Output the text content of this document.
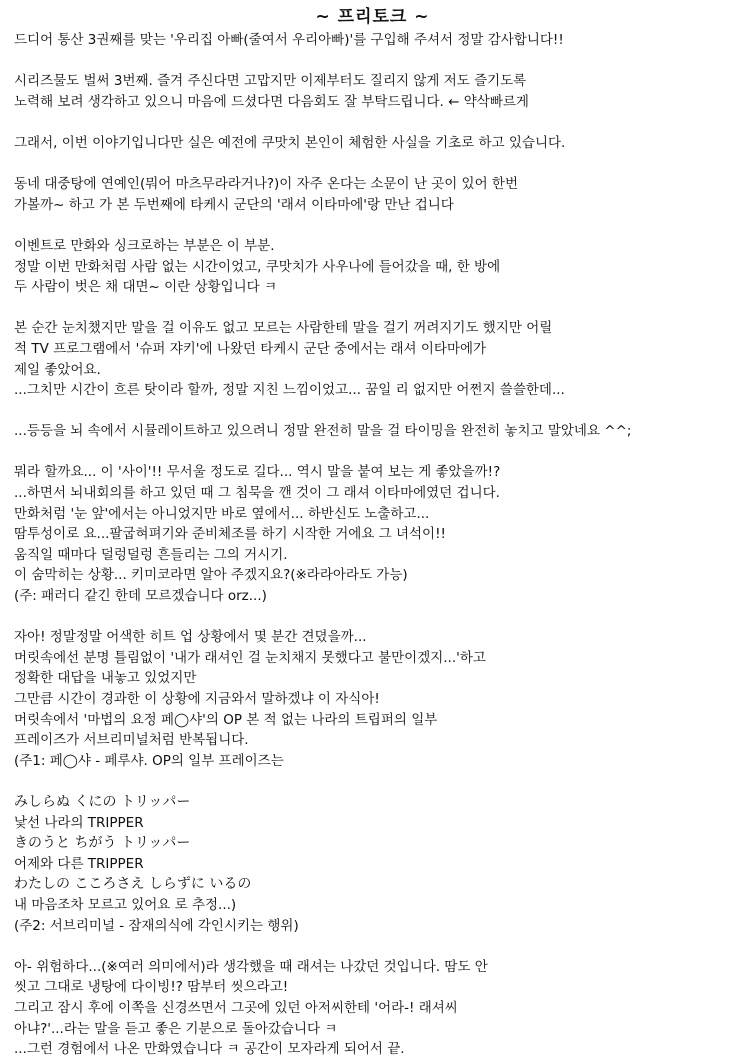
~ 프리토크 ~
드디어 통산 3권째를 맞는 '우리집 아빠(줄여서 우리아빠)'를 구입해 주셔서 정말 감사합니다!!
시리즈물도 벌써 3번째. 즐겨 주신다면 고맙지만 이제부터도 질리지 않게 저도 즐기도록
노력해 보려 생각하고 있으니 마음에 드셨다면 다음회도 잘 부탁드립니다. ← 약삭빠르게
그래서, 이번 이야기입니다만 실은 예전에 쿠맛치 본인이 체험한 사실을 기초로 하고 있습니다.
동네 대중탕에 연예인(뭐어 마츠무라라거나?)이 자주 온다는 소문이 난 곳이 있어 한번
가볼까~ 하고 가 본 두번째에 타케시 군단의 '래셔 이타마에'랑 만난 겁니다
이벤트로 만화와 싱크로하는 부분은 이 부분.
정말 이번 만화처럼 사람 없는 시간이었고, 쿠맛치가 사우나에 들어갔을 때, 한 방에
두 사람이 벗은 채 대면~ 이란 상황입니다 ㅋ
본 순간 눈치챘지만 말을 걸 이유도 없고 모르는 사람한테 말을 걸기 꺼려지기도 했지만 어릴
적 TV 프로그램에서 '슈퍼 쟈키'에 나왔던 타케시 군단 중에서는 래셔 이타마에가
제일 좋았어요.
...그치만 시간이 흐른 탓이라 할까, 정말 지친 느낌이었고... 꿈일 리 없지만 어쩐지 쓸쓸한데...
...등등을 뇌 속에서 시뮬레이트하고 있으려니 정말 완전히 말을 걸 타이밍을 완전히 놓치고 말았네요 ^^;
뭐라 할까요... 이 '사이'!! 무서울 정도로 길다... 역시 말을 붙여 보는 게 좋았을까!?
...하면서 뇌내회의를 하고 있던 때 그 침묵을 깬 것이 그 래셔 이타마에였던 겁니다.
만화처럼 '눈 앞'에서는 아니었지만 바로 옆에서... 하반신도 노출하고...
땀투성이로 요...팔굽혀펴기와 준비체조를 하기 시작한 거에요 그 녀석이!!
움직일 때마다 덜렁덜렁 흔들리는 그의 거시기.
이 숨막히는 상황... 키미코라면 알아 주겠지요?(※라라아라도 가능)
(주: 패러디 같긴 한데 모르겠습니다 orz...)
자아! 정말정말 어색한 히트 업 상황에서 몇 분간 견뎠을까...
머릿속에선 분명 틀림없이 '내가 래셔인 걸 눈치채지 못했다고 불만이겠지...'하고
정확한 대답을 내놓고 있었지만
그만큼 시간이 경과한 이 상황에 지금와서 말하겠냐 이 자식아!
머릿속에서 '마법의 요정 페◯샤'의 OP 본 적 없는 나라의 트립퍼의 일부
프레이즈가 서브리미널처럼 반복됩니다.
(주1: 페◯샤 - 페루샤. OP의 일부 프레이즈는
みしらぬ くにの トリッパー
낯선 나라의 TRIPPER
きのうと ちがう トリッパー
어제와 다른 TRIPPER
わたしの こころさえ しらずに いるの
내 마음조차 모르고 있어요 로 추정...)
(주2: 서브리미널 - 잠재의식에 각인시키는 행위)
아- 위험하다...(※여러 의미에서)라 생각했을 때 래셔는 나갔던 것입니다. 땀도 안
씻고 그대로 냉탕에 다이빙!? 땀부터 씻으라고!
그리고 잠시 후에 이쪽을 신경쓰면서 그곳에 있던 아저씨한테 '어라-! 래셔씨
아냐?'...라는 말을 듣고 좋은 기분으로 돌아갔습니다 ㅋ
...그런 경험에서 나온 만화였습니다 ㅋ 공간이 모자라게 되어서 끝.
